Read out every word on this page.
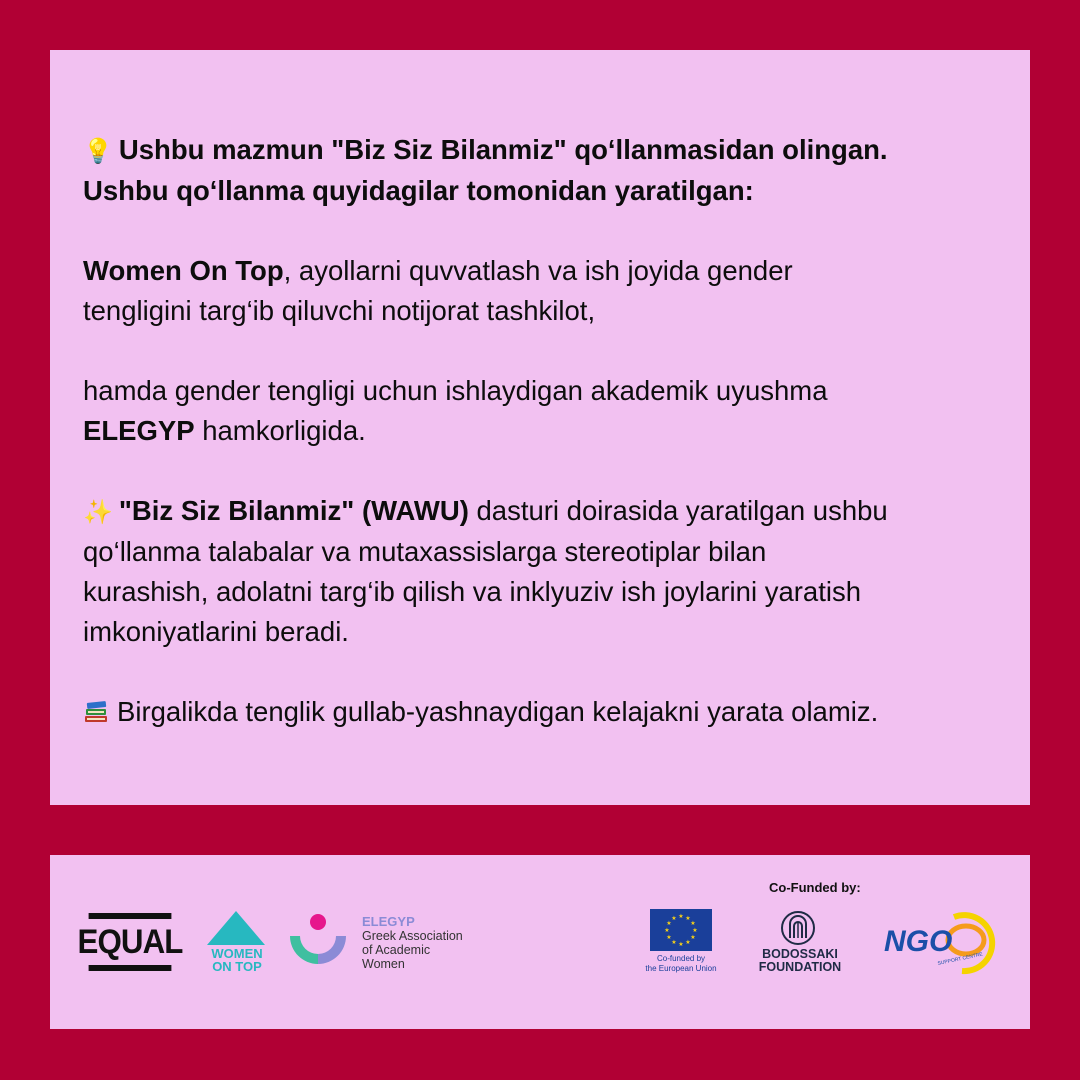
💡 Ushbu mazmun "Biz Siz Bilanmiz" qo‘llanmasidan olingan.
Ushbu qo‘llanma quyidagilar tomonidan yaratilgan:

Women On Top, ayollarni quvvatlash va ish joyida gender
tengligini targ‘ib qiluvchi notijorat tashkilot,

hamda gender tengligi uchun ishlaydigan akademik uyushma
ELEGYP hamkorligida.

✨ "Biz Siz Bilanmiz" (WAWU) dasturi doirasida yaratilgan ushbu
qo‘llanma talabalar va mutaxassislarga stereotiplar bilan
kurashish, adolatni targ‘ib qilish va inklyuziv ish joylarini yaratish
imkoniyatlarini beradi.

Birgalikda tenglik gullab-yashnaydigan kelajakni yarata olamiz.

EQUAL	WOMEN
ON TOP
ELEGYP
Greek Association
of Academic
Women
Co-Funded by:
★ ★
★
★
★
★
★
★
★
★
★
★
Co-funded by
the European Union
BODOSSAKI
FOUNDATION
NGO
SUPPORT CENTRE
